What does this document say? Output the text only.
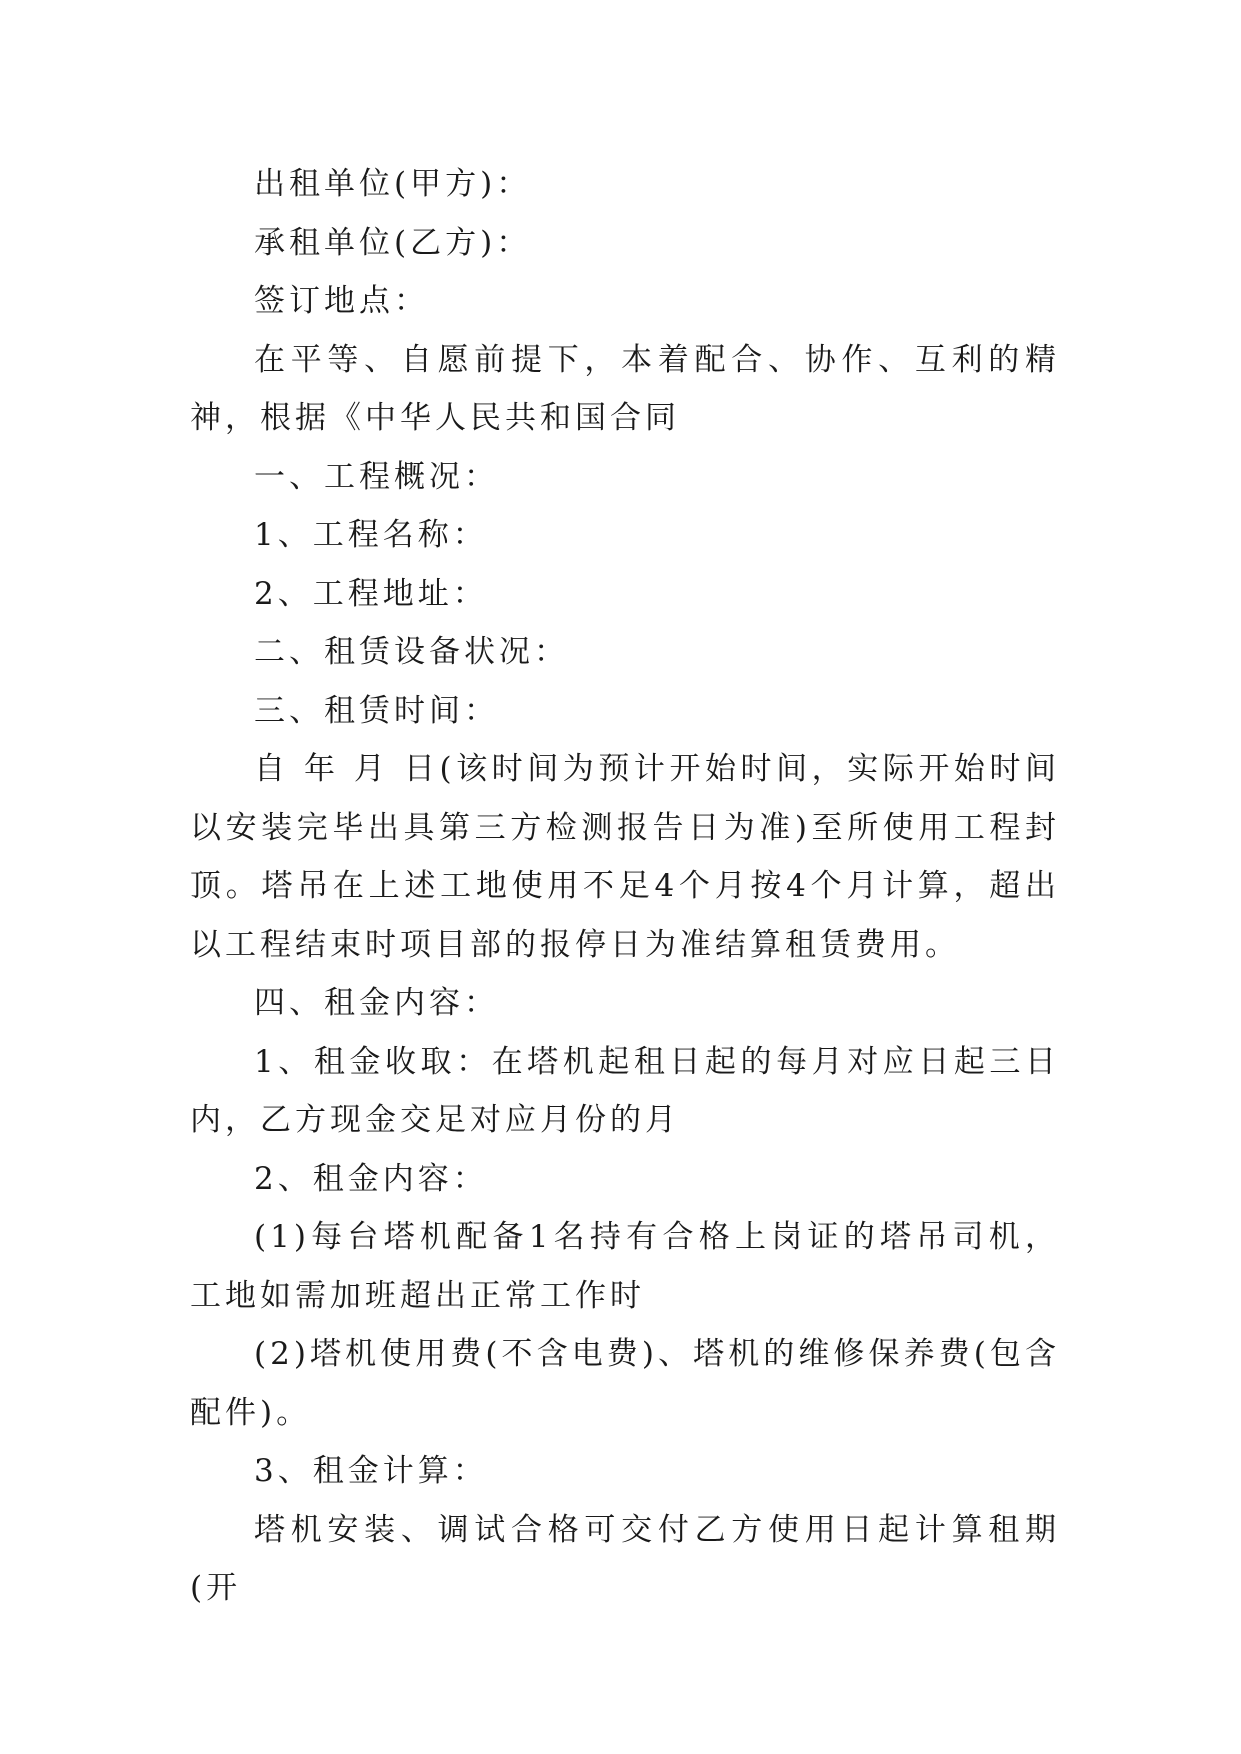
出租单位(甲方)：

承租单位(乙方)：

签订地点：

在平等、自愿前提下，本着配合、协作、互利的精神，根据《中华人民共和国合同

一、工程概况：

1、工程名称：

2、工程地址：

二、租赁设备状况：

三、租赁时间：

自 年 月 日(该时间为预计开始时间，实际开始时间以安装完毕出具第三方检测报告日为准)至所使用工程封顶。塔吊在上述工地使用不足4个月按4个月计算，超出以工程结束时项目部的报停日为准结算租赁费用。

四、租金内容：

1、租金收取：在塔机起租日起的每月对应日起三日内，乙方现金交足对应月份的月

2、租金内容：

(1)每台塔机配备1名持有合格上岗证的塔吊司机，工地如需加班超出正常工作时

(2)塔机使用费(不含电费)、塔机的维修保养费(包含配件)。

3、租金计算：

塔机安装、调试合格可交付乙方使用日起计算租期(开
